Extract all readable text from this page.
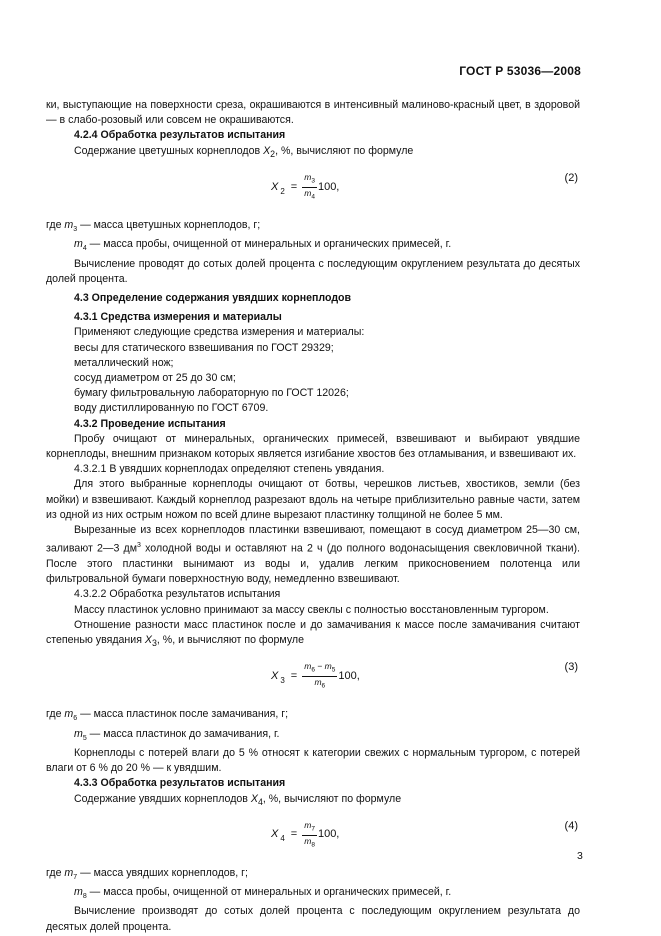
ГОСТ Р 53036—2008

ки, выступающие на поверхности среза, окрашиваются в интенсивный малиново-красный цвет, в здоровой — в слабо-розовый или совсем не окрашиваются.

4.2.4 Обработка результатов испытания

Содержание цветушных корнеплодов $X_2$, %, вычисляют по формуле

X $2 = \frac{m_3}{m_4} 100$,
(2)

где $m_3$ — масса цветушных корнеплодов, г;

$m_4$ — масса пробы, очищенной от минеральных и органических примесей, г.

Вычисление проводят до сотых долей процента с последующим округлением результата до десятых долей процента.

4.3 Определение содержания увядших корнеплодов

4.3.1 Средства измерения и материалы

Применяют следующие средства измерения и материалы:

весы для статического взвешивания по ГОСТ 29329;

металлический нож;

сосуд диаметром от 25 до 30 см;

бумагу фильтровальную лабораторную по ГОСТ 12026;

воду дистиллированную по ГОСТ 6709.

4.3.2 Проведение испытания

Пробу очищают от минеральных, органических примесей, взвешивают и выбирают увядшие корнеплоды, внешним признаком которых является изгибание хвостов без отламывания, и взвешивают их.

4.3.2.1 В увядших корнеплодах определяют степень увядания.

Для этого выбранные корнеплоды очищают от ботвы, черешков листьев, хвостиков, земли (без мойки) и взвешивают. Каждый корнеплод разрезают вдоль на четыре приблизительно равные части, затем из одной из них острым ножом по всей длине вырезают пластинку толщиной не более 5 мм.

Вырезанные из всех корнеплодов пластинки взвешивают, помещают в сосуд диаметром 25—30 см, заливают 2—3 $дм^3$ холодной воды и оставляют на 2 ч (до полного водонасыщения свекловичной ткани). После этого пластинки вынимают из воды и, удалив легким прикосновением полотенца или фильтровальной бумаги поверхностную воду, немедленно взвешивают.

4.3.2.2 Обработка результатов испытания

Массу пластинок условно принимают за массу свеклы с полностью восстановленным тургором.

Отношение разности масс пластинок после и до замачивания к массе после замачивания считают степенью увядания $X_3$, %, и вычисляют по формуле

X $3 = \frac{m_6 - m_5}{m_6} 100$,
(3)

где $m_6$ — масса пластинок после замачивания, г;

$m_5$ — масса пластинок до замачивания, г.

Корнеплоды с потерей влаги до 5 % относят к категории свежих с нормальным тургором, с потерей влаги от 6 % до 20 % — к увядшим.

4.3.3 Обработка результатов испытания

Содержание увядших корнеплодов $X_4$, %, вычисляют по формуле

X $4 = \frac{m_7}{m_8} 100$,
(4)

где $m_7$ — масса увядших корнеплодов, г;

$m_8$ — масса пробы, очищенной от минеральных и органических примесей, г.

Вычисление производят до сотых долей процента с последующим округлением результата до десятых долей процента.

3
